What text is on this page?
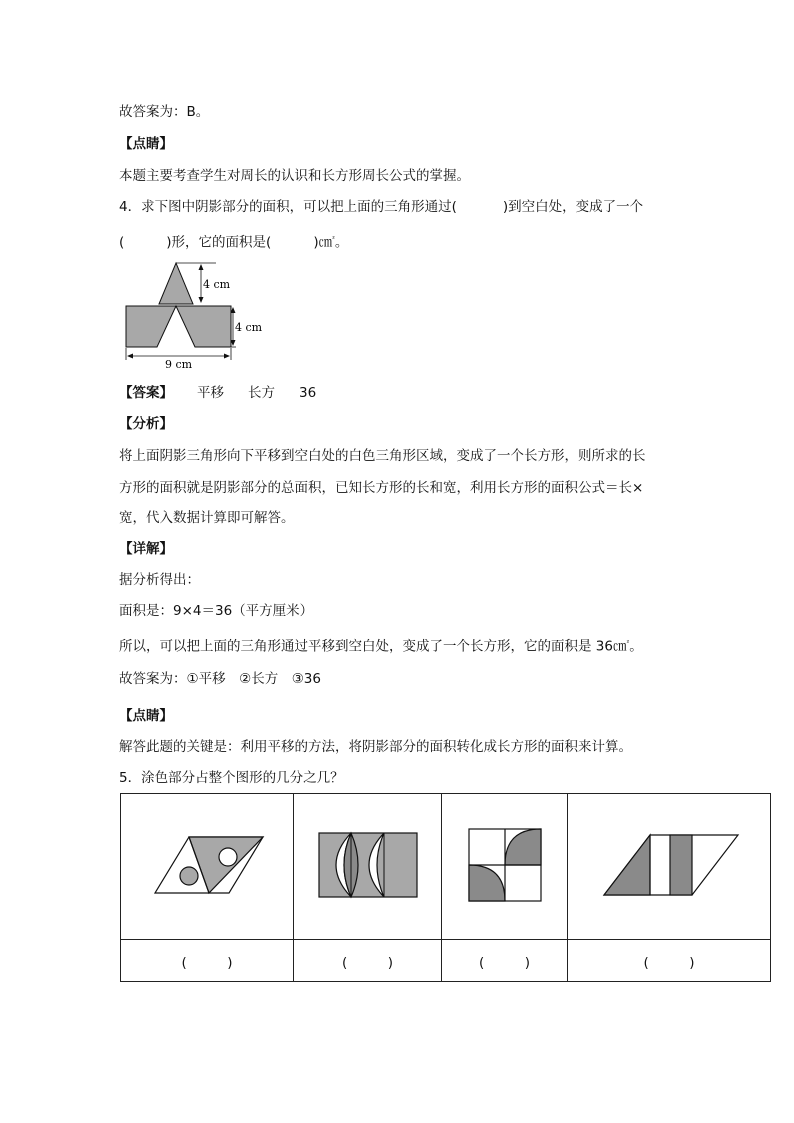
故答案为：B。
【点睛】
本题主要考查学生对周长的认识和长方形周长公式的掌握。
4．求下图中阴影部分的面积，可以把上面的三角形通过(	)到空白处，变成了一个
(	)形，它的面积是(	)㎝$^{^2}$。
4 cm
4 cm
9 cm
【答案】 平移 长方 36
【分析】
将上面阴影三角形向下平移到空白处的白色三角形区域，变成了一个长方形，则所求的长
方形的面积就是阴影部分的总面积，已知长方形的长和宽，利用长方形的面积公式＝长×
宽，代入数据计算即可解答。
【详解】
据分析得出：
面积是：9×4＝36（平方厘米）
所以，可以把上面的三角形通过平移到空白处，变成了一个长方形，它的面积是 36㎝$^{^2}$。
故答案为：①平移　②长方　③36
【点睛】
解答此题的关键是：利用平移的方法，将阴影部分的面积转化成长方形的面积来计算。
5．涂色部分占整个图形的几分之几？

(　　　)	(　　　)	(　　　)	(　　　)
